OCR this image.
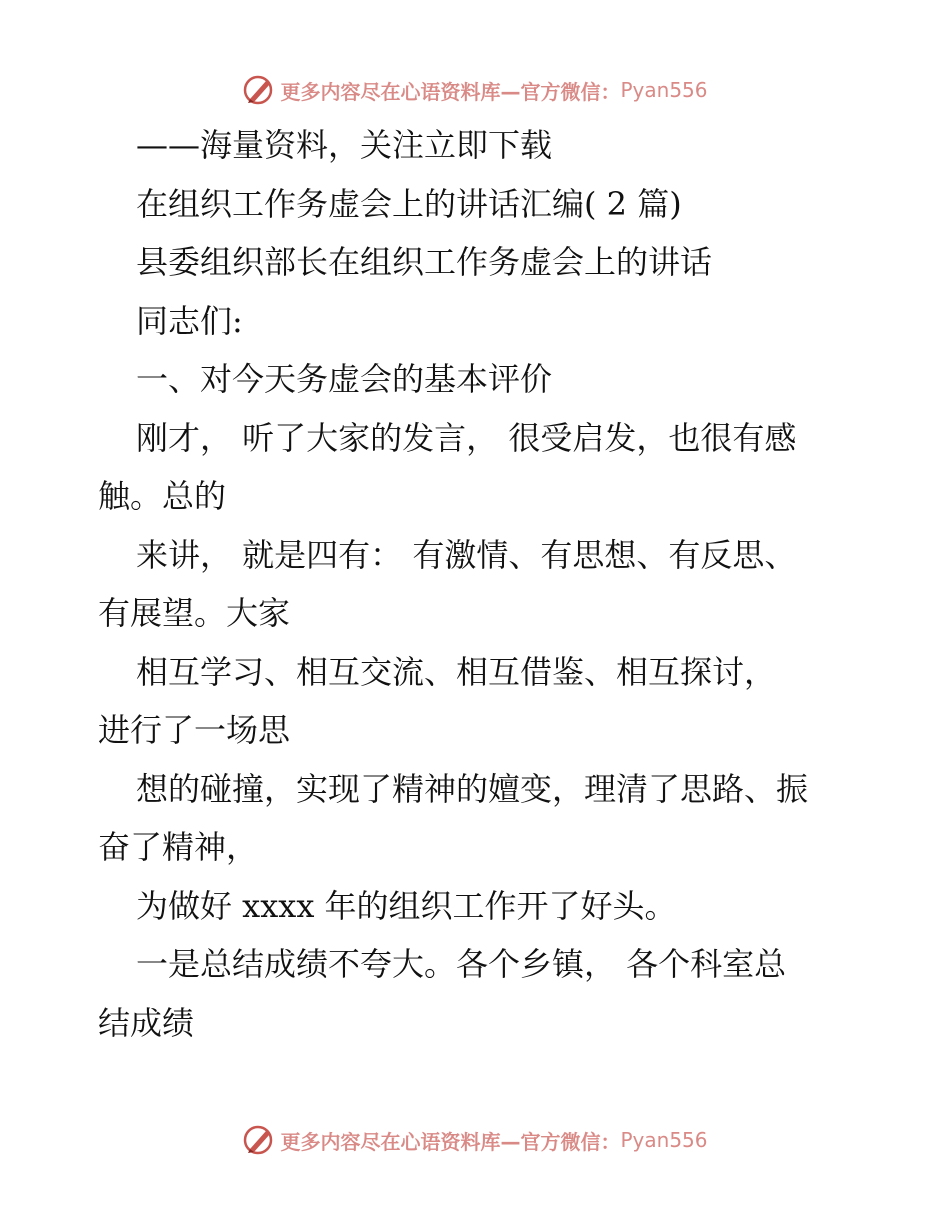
更多内容尽在心语资料库—官方微信： Pyan556
——海量资料，关注立即下载
在组织工作务虚会上的讲话汇编( 2 篇)
县委组织部长在组织工作务虚会上的讲话
同志们:
一、对今天务虚会的基本评价
刚才， 听了大家的发言， 很受启发，也很有感
触。总的
来讲， 就是四有： 有激情、有思想、有反思、
有展望。大家
相互学习、相互交流、相互借鉴、相互探讨，
进行了一场思
想的碰撞，实现了精神的嬗变，理清了思路、振
奋了精神，
为做好 xxxx 年的组织工作开了好头。
一是总结成绩不夸大。各个乡镇， 各个科室总
结成绩
更多内容尽在心语资料库—官方微信： Pyan556
